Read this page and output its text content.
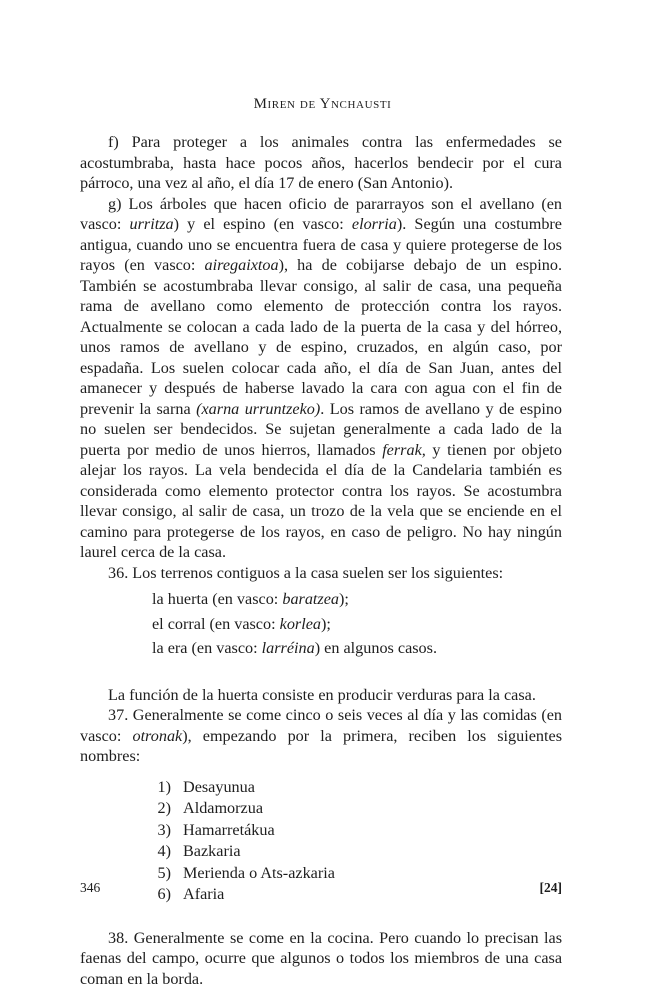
Miren de Ynchausti

f) Para proteger a los animales contra las enfermedades se acostumbraba, hasta hace pocos años, hacerlos bendecir por el cura párroco, una vez al año, el día 17 de enero (San Antonio).

g) Los árboles que hacen oficio de pararrayos son el avellano (en vasco: urritza) y el espino (en vasco: elorria). Según una costumbre antigua, cuando uno se encuentra fuera de casa y quiere protegerse de los rayos (en vasco: airegaixtoa), ha de cobijarse debajo de un espino. También se acostumbraba llevar consigo, al salir de casa, una pequeña rama de avellano como elemento de protección contra los rayos. Actualmente se colocan a cada lado de la puerta de la casa y del hórreo, unos ramos de avellano y de espino, cruzados, en algún caso, por espadaña. Los suelen colocar cada año, el día de San Juan, antes del amanecer y después de haberse lavado la cara con agua con el fin de prevenir la sarna (xarna urruntzeko). Los ramos de avellano y de espino no suelen ser bendecidos. Se sujetan generalmente a cada lado de la puerta por medio de unos hierros, llamados ferrak, y tienen por objeto alejar los rayos. La vela bendecida el día de la Candelaria también es considerada como elemento protector contra los rayos. Se acostumbra llevar consigo, al salir de casa, un trozo de la vela que se enciende en el camino para protegerse de los rayos, en caso de peligro. No hay ningún laurel cerca de la casa.

36. Los terrenos contiguos a la casa suelen ser los siguientes:

la huerta (en vasco: baratzea);
el corral (en vasco: korlea);
la era (en vasco: larréina) en algunos casos.

La función de la huerta consiste en producir verduras para la casa.

37. Generalmente se come cinco o seis veces al día y las comidas (en vasco: otronak), empezando por la primera, reciben los siguientes nombres:

1) Desayunua
2) Aldamorzua
3) Hamarretákua
4) Bazkaria
5) Merienda o Ats-azkaria
6) Afaria

38. Generalmente se come en la cocina. Pero cuando lo precisan las faenas del campo, ocurre que algunos o todos los miembros de una casa coman en la borda.

346	[24]
